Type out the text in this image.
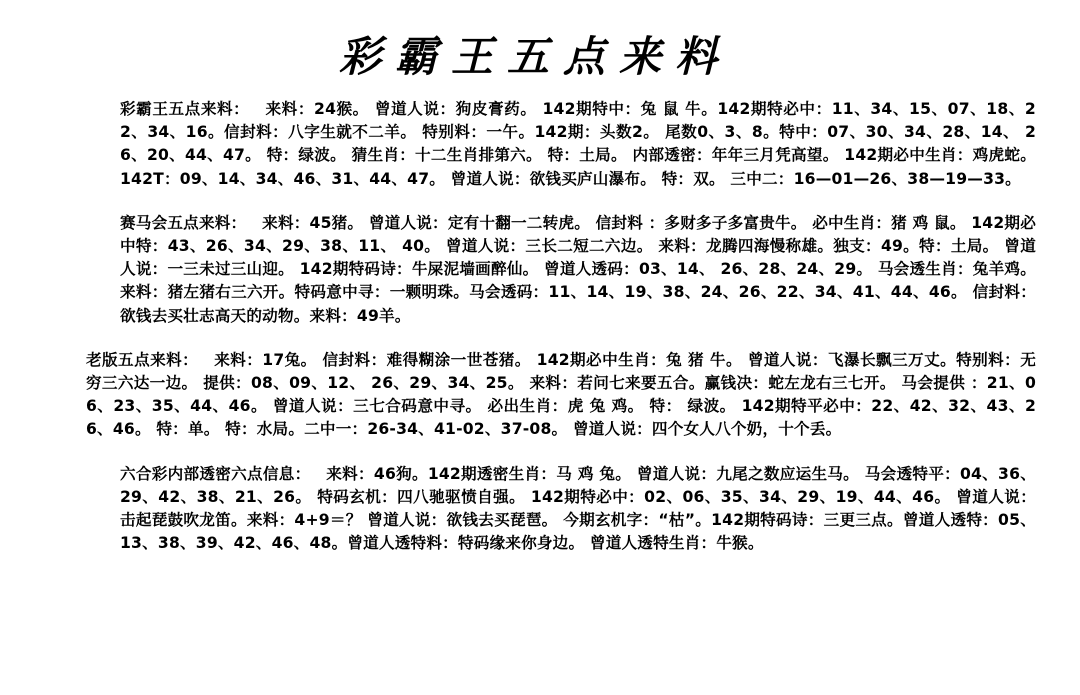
彩霸王五点来料
彩霸王五点来料：  来料：24猴。 曾道人说：狗皮膏药。 142期特中：兔 鼠 牛。142期特必中：11、34、15、07、18、22、34、16。信封料：八字生就不二羊。 特别料：一午。142期：头数2。 尾数0、3、8。特中：07、30、34、28、14、 26、20、44、47。 特：绿波。 猜生肖：十二生肖排第六。 特：土局。 内部透密：年年三月凭高望。 142期必中生肖：鸡虎蛇。142T：09、14、34、46、31、44、47。 曾道人说：欲钱买庐山瀑布。 特：双。 三中二：16—01—26、38—19—33。
赛马会五点来料：  来料：45猪。 曾道人说：定有十翻一二转虎。 信封料 ：多财多子多富贵牛。 必中生肖：猪 鸡 鼠。 142期必中特：43、26、34、29、38、11、 40。 曾道人说：三长二短二六边。 来料：龙腾四海慢称雄。独支：49。特：土局。 曾道人说：一三未过三山迎。 142期特码诗：牛屎泥墙画醉仙。 曾道人透码：03、14、 26、28、24、29。 马会透生肖：兔羊鸡。来料：猪左猪右三六开。特码意中寻：一颗明珠。马会透码：11、14、19、38、24、26、22、34、41、44、46。 信封料：欲钱去买壮志高天的动物。来料：49羊。
老版五点来料：  来料：17兔。 信封料：难得糊涂一世苍猪。 142期必中生肖：兔 猪 牛。 曾道人说：飞瀑长飘三万丈。特别料：无穷三六达一边。 提供：08、09、12、 26、29、34、25。 来料：若问七来要五合。赢钱决：蛇左龙右三七开。 马会提供 ：21、06、23、35、44、46。 曾道人说：三七合码意中寻。 必出生肖：虎 兔 鸡。 特： 绿波。 142期特平必中：22、42、32、43、26、46。 特：单。 特：水局。二中一：26-34、41-02、37-08。 曾道人说：四个女人八个奶，十个丢。
六合彩内部透密六点信息：  来料：46狗。142期透密生肖：马 鸡 兔。 曾道人说：九尾之数应运生马。 马会透特平：04、36、29、42、38、21、26。 特码玄机：四八驰驱愤自强。 142期特必中：02、06、35、34、29、19、44、46。 曾道人说：击起琵鼓吹龙笛。来料：4+9＝？ 曾道人说：欲钱去买琵琶。 今期玄机字：“枯”。142期特码诗：三更三点。曾道人透特：05、13、38、39、42、46、48。曾道人透特料：特码缘来你身边。 曾道人透特生肖：牛猴。
